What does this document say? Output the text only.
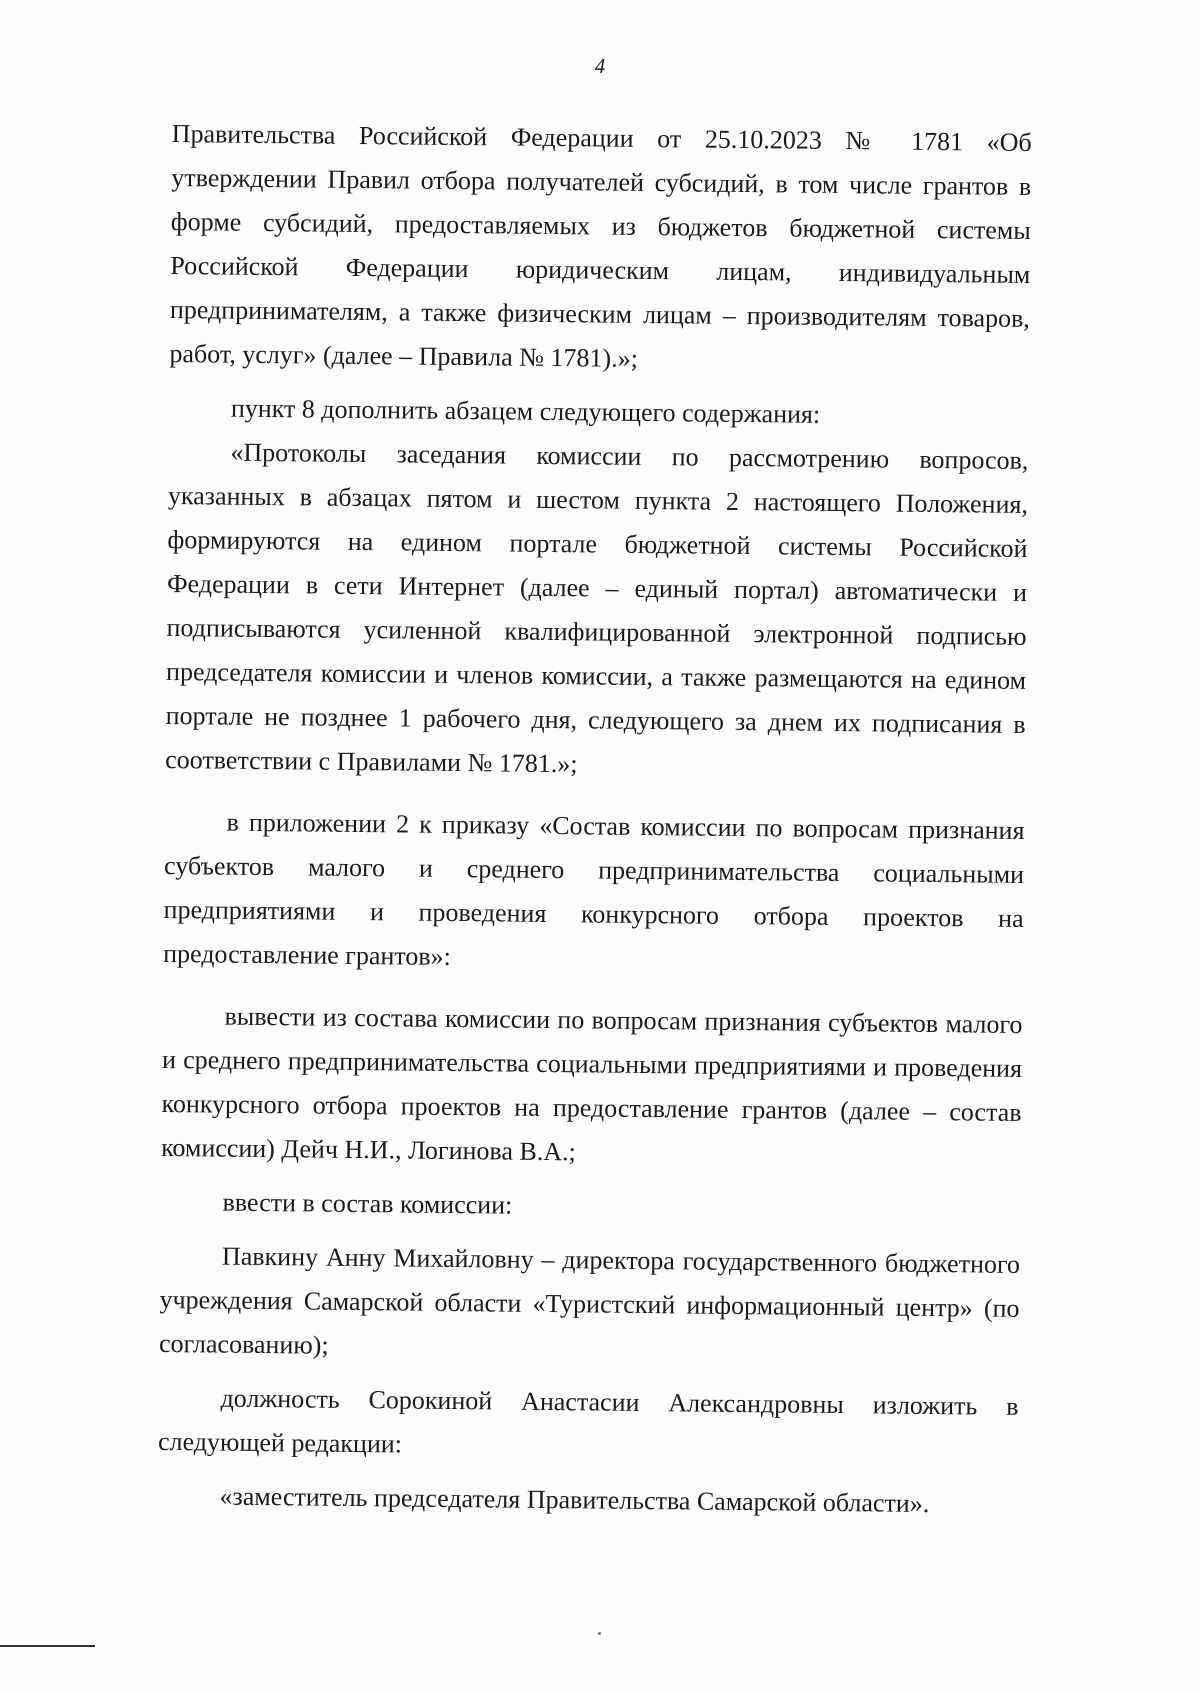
4

Правительства Российской Федерации от 25.10.2023 № 1781 «Об утверждении Правил отбора получателей субсидий, в том числе грантов в форме субсидий, предоставляемых из бюджетов бюджетной системы Российской Федерации юридическим лицам, индивидуальным предпринимателям, а также физическим лицам – производителям товаров, работ, услуг» (далее – Правила № 1781).»;

пункт 8 дополнить абзацем следующего содержания:

«Протоколы заседания комиссии по рассмотрению вопросов, указанных в абзацах пятом и шестом пункта 2 настоящего Положения, формируются на едином портале бюджетной системы Российской Федерации в сети Интернет (далее – единый портал) автоматически и подписываются усиленной квалифицированной электронной подписью председателя комиссии и членов комиссии, а также размещаются на едином портале не позднее 1 рабочего дня, следующего за днем их подписания в соответствии с Правилами № 1781.»;

в приложении 2 к приказу «Состав комиссии по вопросам признания субъектов малого и среднего предпринимательства социальными предприятиями и проведения конкурсного отбора проектов на предоставление грантов»:

вывести из состава комиссии по вопросам признания субъектов малого и среднего предпринимательства социальными предприятиями и проведения конкурсного отбора проектов на предоставление грантов (далее – состав комиссии) Дейч Н.И., Логинова В.А.;

ввести в состав комиссии:

Павкину Анну Михайловну – директора государственного бюджетного учреждения Самарской области «Туристский информационный центр» (по согласованию);

должность Сорокиной Анастасии Александровны изложить в следующей редакции:

«заместитель председателя Правительства Самарской области».
